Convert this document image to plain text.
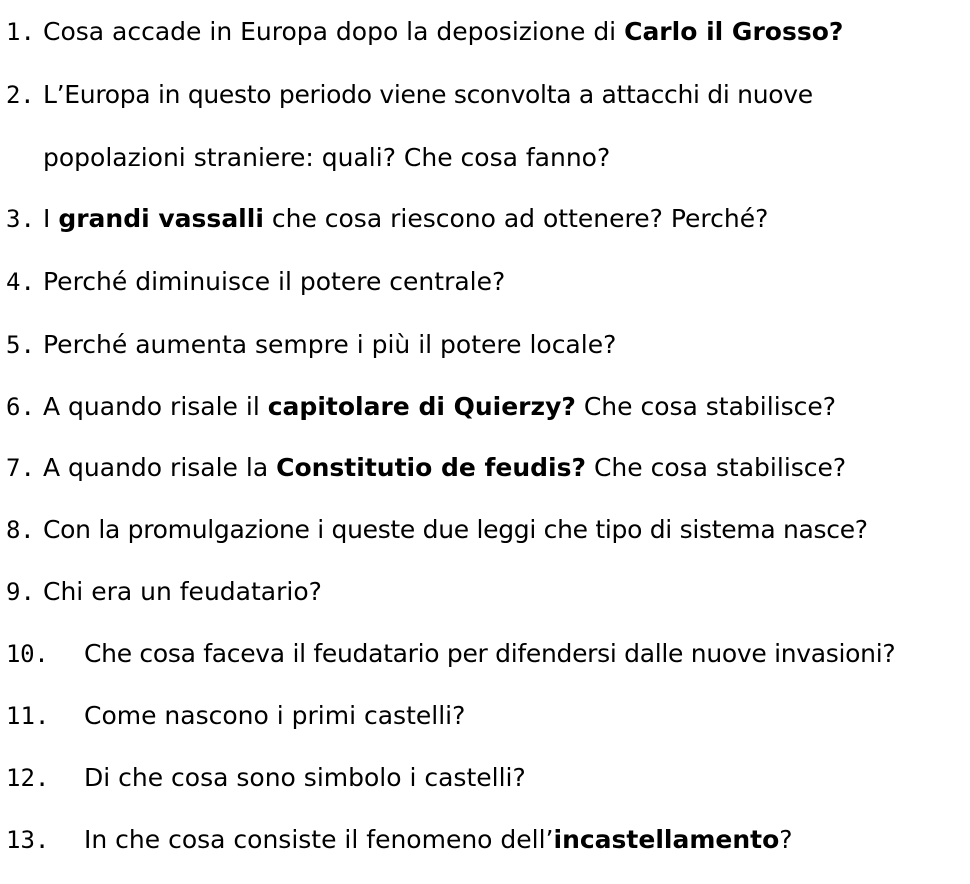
1. Cosa accade in Europa dopo la deposizione di Carlo il Grosso?
2. L’Europa in questo periodo viene sconvolta a attacchi di nuove
popolazioni straniere: quali? Che cosa fanno?
3. I grandi vassalli che cosa riescono ad ottenere? Perché?
4. Perché diminuisce il potere centrale?
5. Perché aumenta sempre i più il potere locale?
6. A quando risale il capitolare di Quierzy? Che cosa stabilisce?
7. A quando risale la Constitutio de feudis? Che cosa stabilisce?
8. Con la promulgazione i queste due leggi che tipo di sistema nasce?
9. Chi era un feudatario?
10. Che cosa faceva il feudatario per difendersi dalle nuove invasioni?
11. Come nascono i primi castelli?
12. Di che cosa sono simbolo i castelli?
13. In che cosa consiste il fenomeno dell’incastellamento?
